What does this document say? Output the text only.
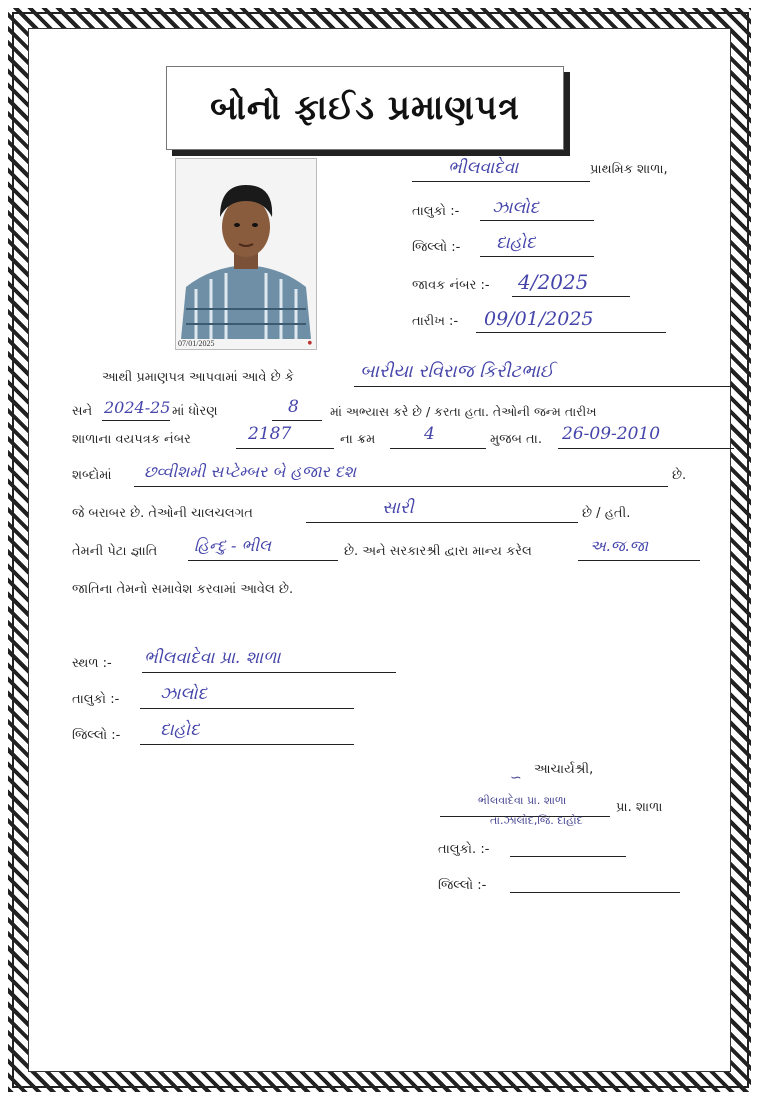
બોનો ફાઈડ પ્રમાણપત્ર
07/01/2025	●
ભીલવાદેવા	પ્રાથમિક શાળા,
તાલુકો :- ઝાલોદ
જિલ્લો :- દાહોદ
જાવક નંબર :- 4/2025
તારીખ :- 09/01/2025
આથી પ્રમાણપત્ર આપવામાં આવે છે કે	બારીયા રવિરાજ કિરીટભાઈ
સને 2024-25 માં ધોરણ	8 માં અભ્યાસ કરે છે / કરતા હતા. તેઓની જન્મ તારીખ
શાળાના વયપત્રક નંબર	2187	ના ક્રમ	4	મુજબ તા. 26-09-2010
શબ્દોમાં છવ્વીશમી સપ્ટેમ્બર બે હજાર દશ	છે.
જે બરાબર છે. તેઓની ચાલચલગત	સારી	છે / હતી.
તેમની પેટા જ્ઞાતિ હિન્દુ - ભીલ	છે. અને સરકારશ્રી દ્વારા માન્ય કરેલ	અ.જ.જા
જાતિના તેમનો સમાવેશ કરવામાં આવેલ છે.
સ્થળ :- ભીલવાદેવા પ્રા. શાળા
તાલુકો :- ઝાલોદ
જિલ્લો :- દાહોદ
આચાર્યશ્રી,
∽
ભીલવાદેવા પ્રા. શાળા	પ્રા. શાળા
તા.ઝાલોદ,જિ. દાહોદ
તાલુકો. :-
જિલ્લો :-
